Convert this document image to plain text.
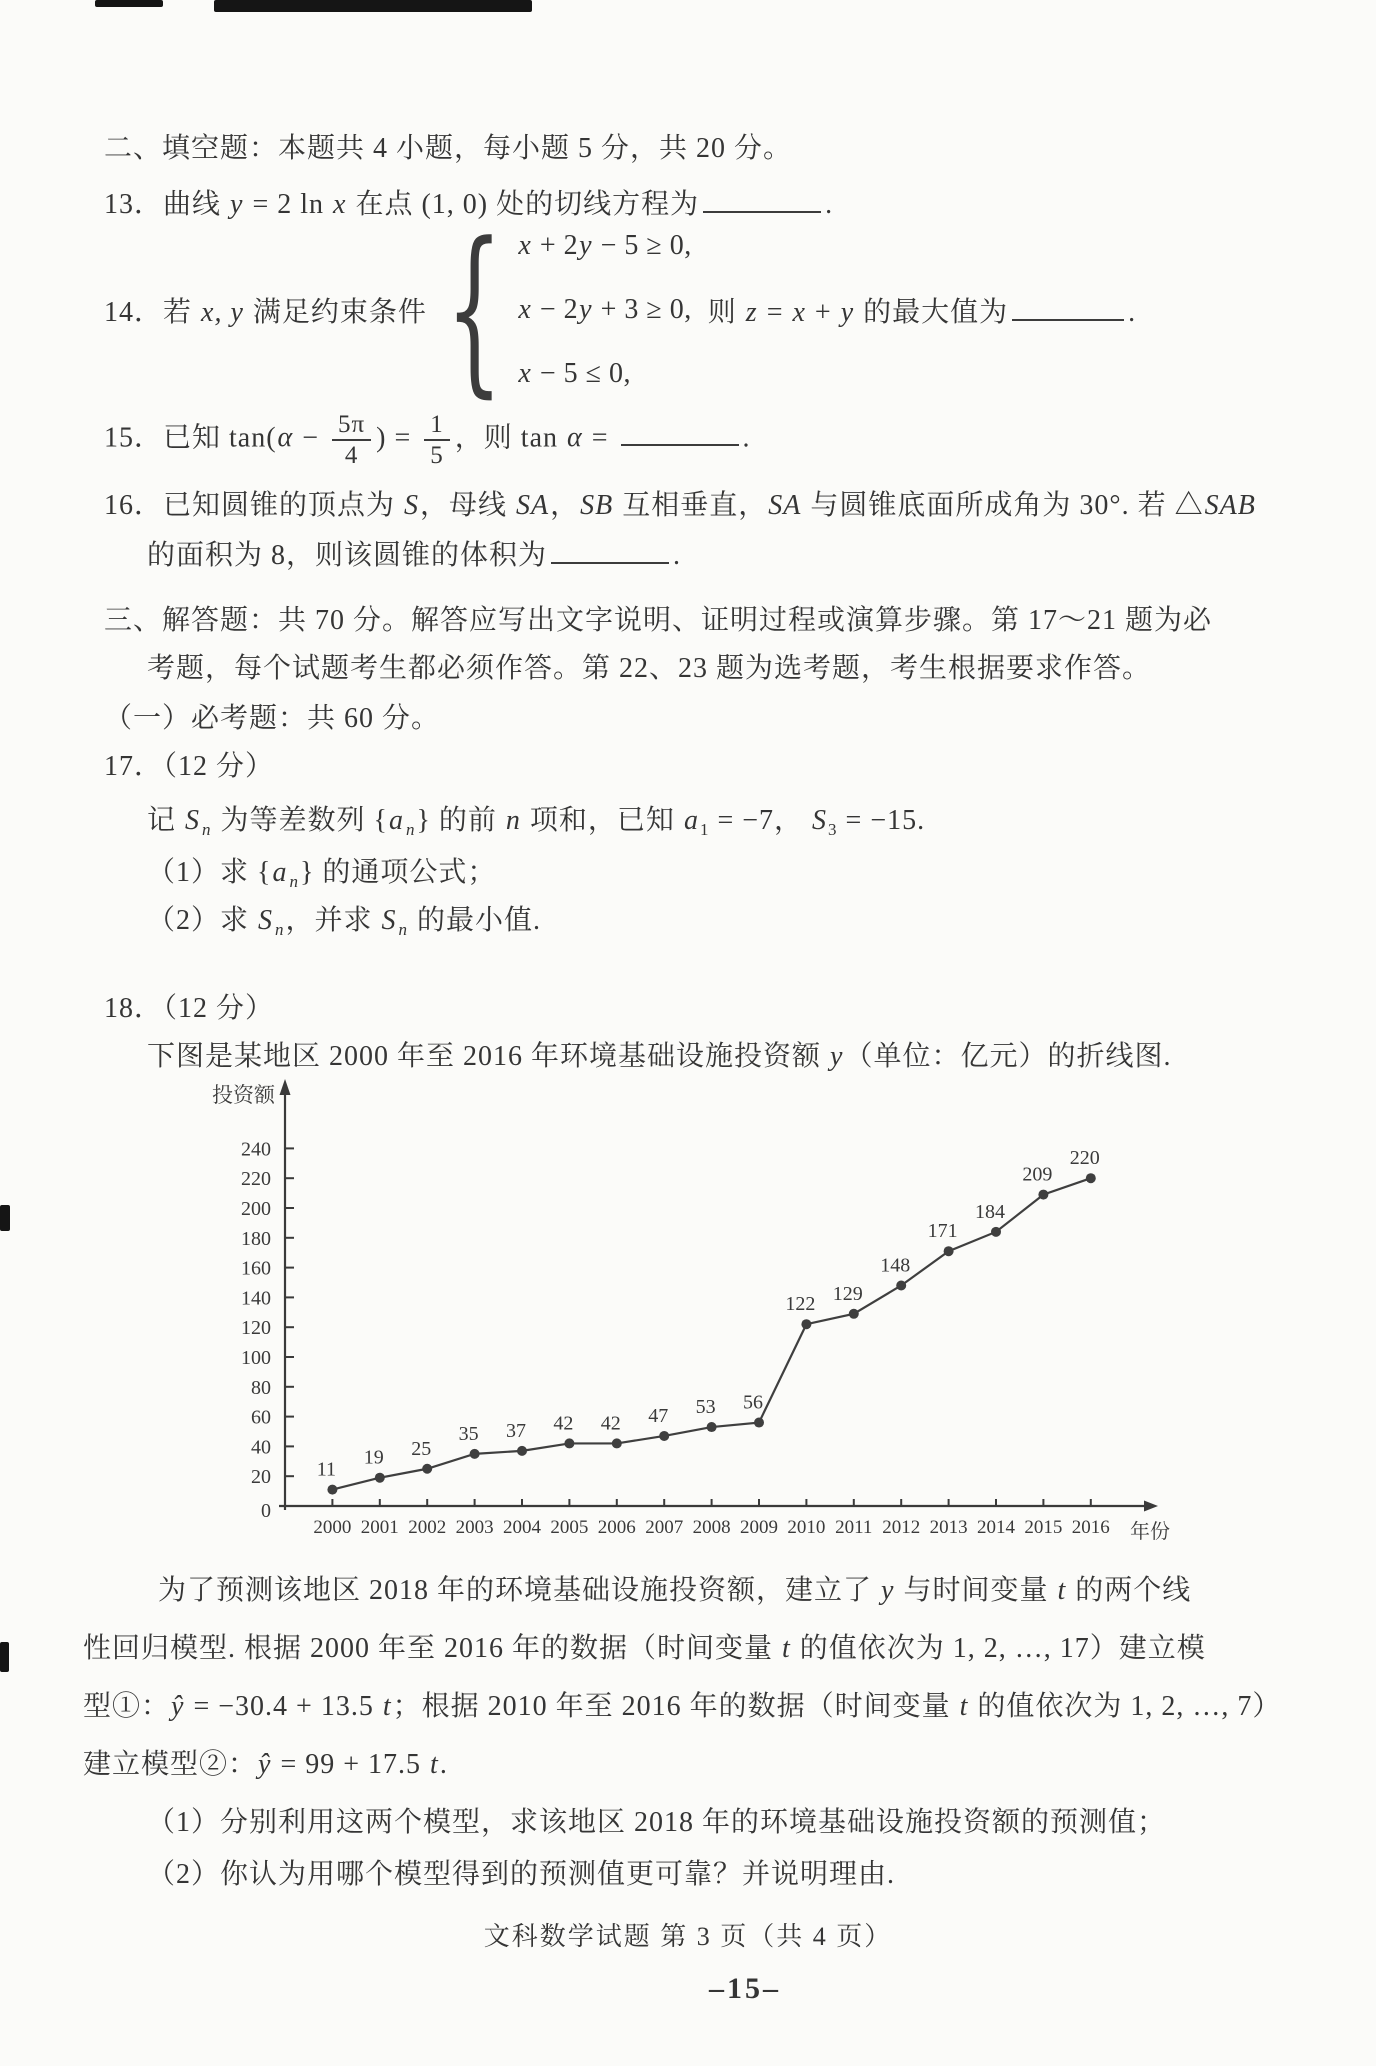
二、填空题：本题共 4 小题，每小题 5 分，共 20 分。
13．曲线 y = 2 ln x 在点 (1, 0) 处的切线方程为	.
14．若 x, y 满足约束条件 { x + 2y − 5 ≥ 0,
x − 2y + 3 ≥ 0,
x − 5 ≤ 0,
则 z = x + y 的最大值为	.
15．已知 $\tan(\alpha - \frac{5\pi}{4}$ ) = $\frac{1}{5}$ ，则 tan α =	.
16．已知圆锥的顶点为 S，母线 SA，SB 互相垂直，SA 与圆锥底面所成角为 30°. 若 △SAB
的面积为 8，则该圆锥的体积为	.
三、解答题：共 70 分。解答应写出文字说明、证明过程或演算步骤。第 17～21 题为必
考题，每个试题考生都必须作答。第 22、23 题为选考题，考生根据要求作答。
（一）必考题：共 60 分。
17．（12 分）
记 S $_n$ 为等差数列 {a $_n$} 的前 n 项和，已知 $a_1 = -7$， $S_3 = -15$.
（1）求 {a $_n$} 的通项公式；
（2）求 S $_n$，并求 S $_n$ 的最小值.
18．（12 分）
下图是某地区 2000 年至 2016 年环境基础设施投资额 y（单位：亿元）的折线图.
投资额
年份
0
20
40
60
80
100
120
140
160
180
200
220
240
2000 2001 2002 2003 2004 2005 2006 2007 2008 2009 2010 2011 2012 2013 2014 2015 2016
11
19 25
35 37 42 42 47 53 56
122 129
148
171
184
209
220
为了预测该地区 2018 年的环境基础设施投资额，建立了 y 与时间变量 t 的两个线
性回归模型. 根据 2000 年至 2016 年的数据（时间变量 t 的值依次为 1, 2, …, 17）建立模
型①：ŷ = −30.4 + 13.5 t；根据 2010 年至 2016 年的数据（时间变量 t 的值依次为 1, 2, …, 7）
建立模型②：ŷ = 99 + 17.5 t.
（1）分别利用这两个模型，求该地区 2018 年的环境基础设施投资额的预测值；
（2）你认为用哪个模型得到的预测值更可靠？并说明理由.
文科数学试题 第 3 页（共 4 页）
–15–
